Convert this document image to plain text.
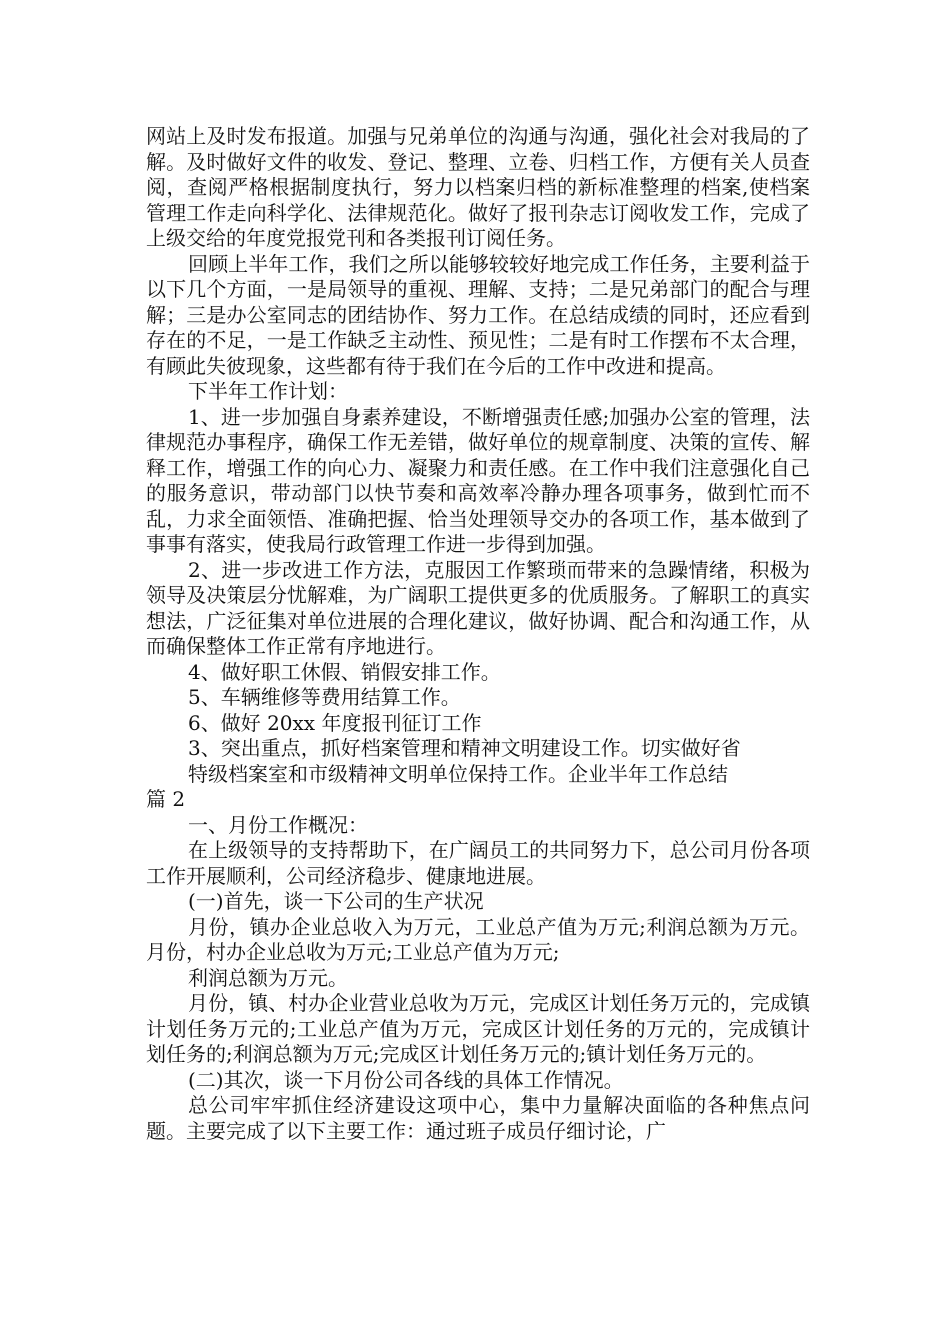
网站上及时发布报道。加强与兄弟单位的沟通与沟通，强化社会对我局的了解。及时做好文件的收发、登记、整理、立卷、归档工作，方便有关人员查阅，查阅严格根据制度执行，努力以档案归档的新标准整理的档案,使档案管理工作走向科学化、法律规范化。做好了报刊杂志订阅收发工作，完成了上级交给的年度党报党刊和各类报刊订阅任务。

回顾上半年工作，我们之所以能够较较好地完成工作任务，主要利益于以下几个方面，一是局领导的重视、理解、支持；二是兄弟部门的配合与理解；三是办公室同志的团结协作、努力工作。在总结成绩的同时，还应看到存在的不足，一是工作缺乏主动性、预见性；二是有时工作摆布不太合理，有顾此失彼现象，这些都有待于我们在今后的工作中改进和提高。

下半年工作计划：

1、进一步加强自身素养建设，不断增强责任感;加强办公室的管理，法律规范办事程序，确保工作无差错，做好单位的规章制度、决策的宣传、解释工作，增强工作的向心力、凝聚力和责任感。在工作中我们注意强化自己的服务意识，带动部门以快节奏和高效率冷静办理各项事务，做到忙而不乱，力求全面领悟、准确把握、恰当处理领导交办的各项工作，基本做到了事事有落实，使我局行政管理工作进一步得到加强。

2、进一步改进工作方法，克服因工作繁琐而带来的急躁情绪，积极为领导及决策层分忧解难，为广阔职工提供更多的优质服务。了解职工的真实想法，广泛征集对单位进展的合理化建议，做好协调、配合和沟通工作，从而确保整体工作正常有序地进行。

4、做好职工休假、销假安排工作。

5、车辆维修等费用结算工作。

6、做好 20xx 年度报刊征订工作

3、突出重点，抓好档案管理和精神文明建设工作。切实做好省

特级档案室和市级精神文明单位保持工作。企业半年工作总结

篇 2

一、月份工作概况：

在上级领导的支持帮助下，在广阔员工的共同努力下，总公司月份各项工作开展顺利，公司经济稳步、健康地进展。

(一)首先，谈一下公司的生产状况

月份，镇办企业总收入为万元，工业总产值为万元;利润总额为万元。月份，村办企业总收为万元;工业总产值为万元;

利润总额为万元。

月份，镇、村办企业营业总收为万元，完成区计划任务万元的，完成镇计划任务万元的;工业总产值为万元，完成区计划任务的万元的，完成镇计划任务的;利润总额为万元;完成区计划任务万元的;镇计划任务万元的。

(二)其次，谈一下月份公司各线的具体工作情况。

总公司牢牢抓住经济建设这项中心，集中力量解决面临的各种焦点问题。主要完成了以下主要工作：通过班子成员仔细讨论，广
